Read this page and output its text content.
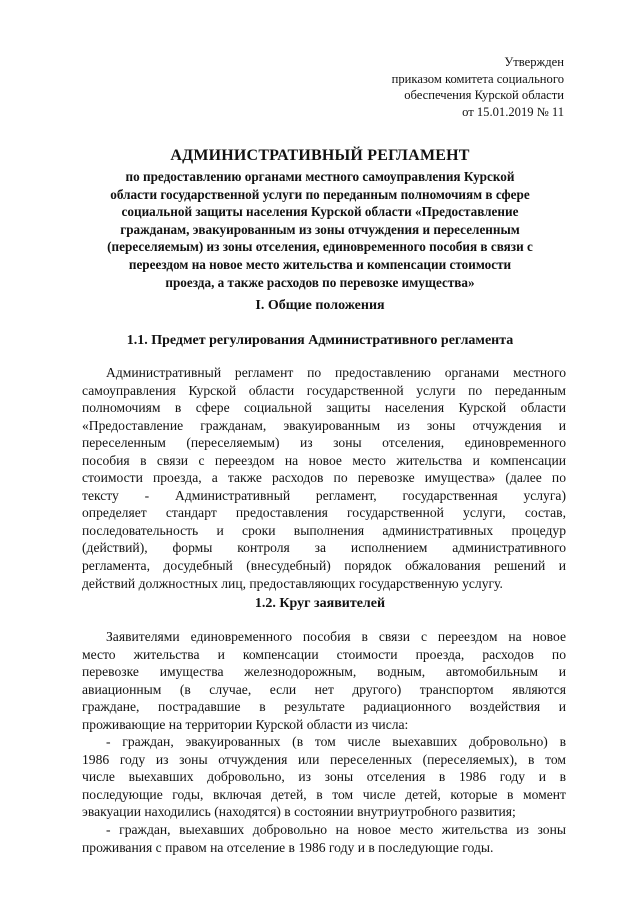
Утвержден
приказом комитета социального
обеспечения Курской области
от 15.01.2019 № 11
АДМИНИСТРАТИВНЫЙ РЕГЛАМЕНТ
по предоставлению органами местного самоуправления Курской
области государственной услуги по переданным полномочиям в сфере
социальной защиты населения Курской области «Предоставление
гражданам, эвакуированным из зоны отчуждения и переселенным
(переселяемым) из зоны отселения, единовременного пособия в связи с
переездом на новое место жительства и компенсации стоимости
проезда, а также расходов по перевозке имущества»
I. Общие положения
1.1. Предмет регулирования Административного регламента
Административный регламент по предоставлению органами местного
самоуправления Курской области государственной услуги по переданным
полномочиям в сфере социальной защиты населения Курской области
«Предоставление гражданам, эвакуированным из зоны отчуждения и
переселенным (переселяемым) из зоны отселения, единовременного
пособия в связи с переездом на новое место жительства и компенсации
стоимости проезда, а также расходов по перевозке имущества» (далее по
тексту - Административный регламент, государственная услуга)
определяет стандарт предоставления государственной услуги, состав,
последовательность и сроки выполнения административных процедур
(действий), формы контроля за исполнением административного
регламента, досудебный (внесудебный) порядок обжалования решений и
действий должностных лиц, предоставляющих государственную услугу.
1.2. Круг заявителей
Заявителями единовременного пособия в связи с переездом на новое
место жительства и компенсации стоимости проезда, расходов по
перевозке имущества железнодорожным, водным, автомобильным и
авиационным (в случае, если нет другого) транспортом являются
граждане, пострадавшие в результате радиационного воздействия и
проживающие на территории Курской области из числа:
- граждан, эвакуированных (в том числе выехавших добровольно) в
1986 году из зоны отчуждения или переселенных (переселяемых), в том
числе выехавших добровольно, из зоны отселения в 1986 году и в
последующие годы, включая детей, в том числе детей, которые в момент
эвакуации находились (находятся) в состоянии внутриутробного развития;
- граждан, выехавших добровольно на новое место жительства из зоны
проживания с правом на отселение в 1986 году и в последующие годы.
